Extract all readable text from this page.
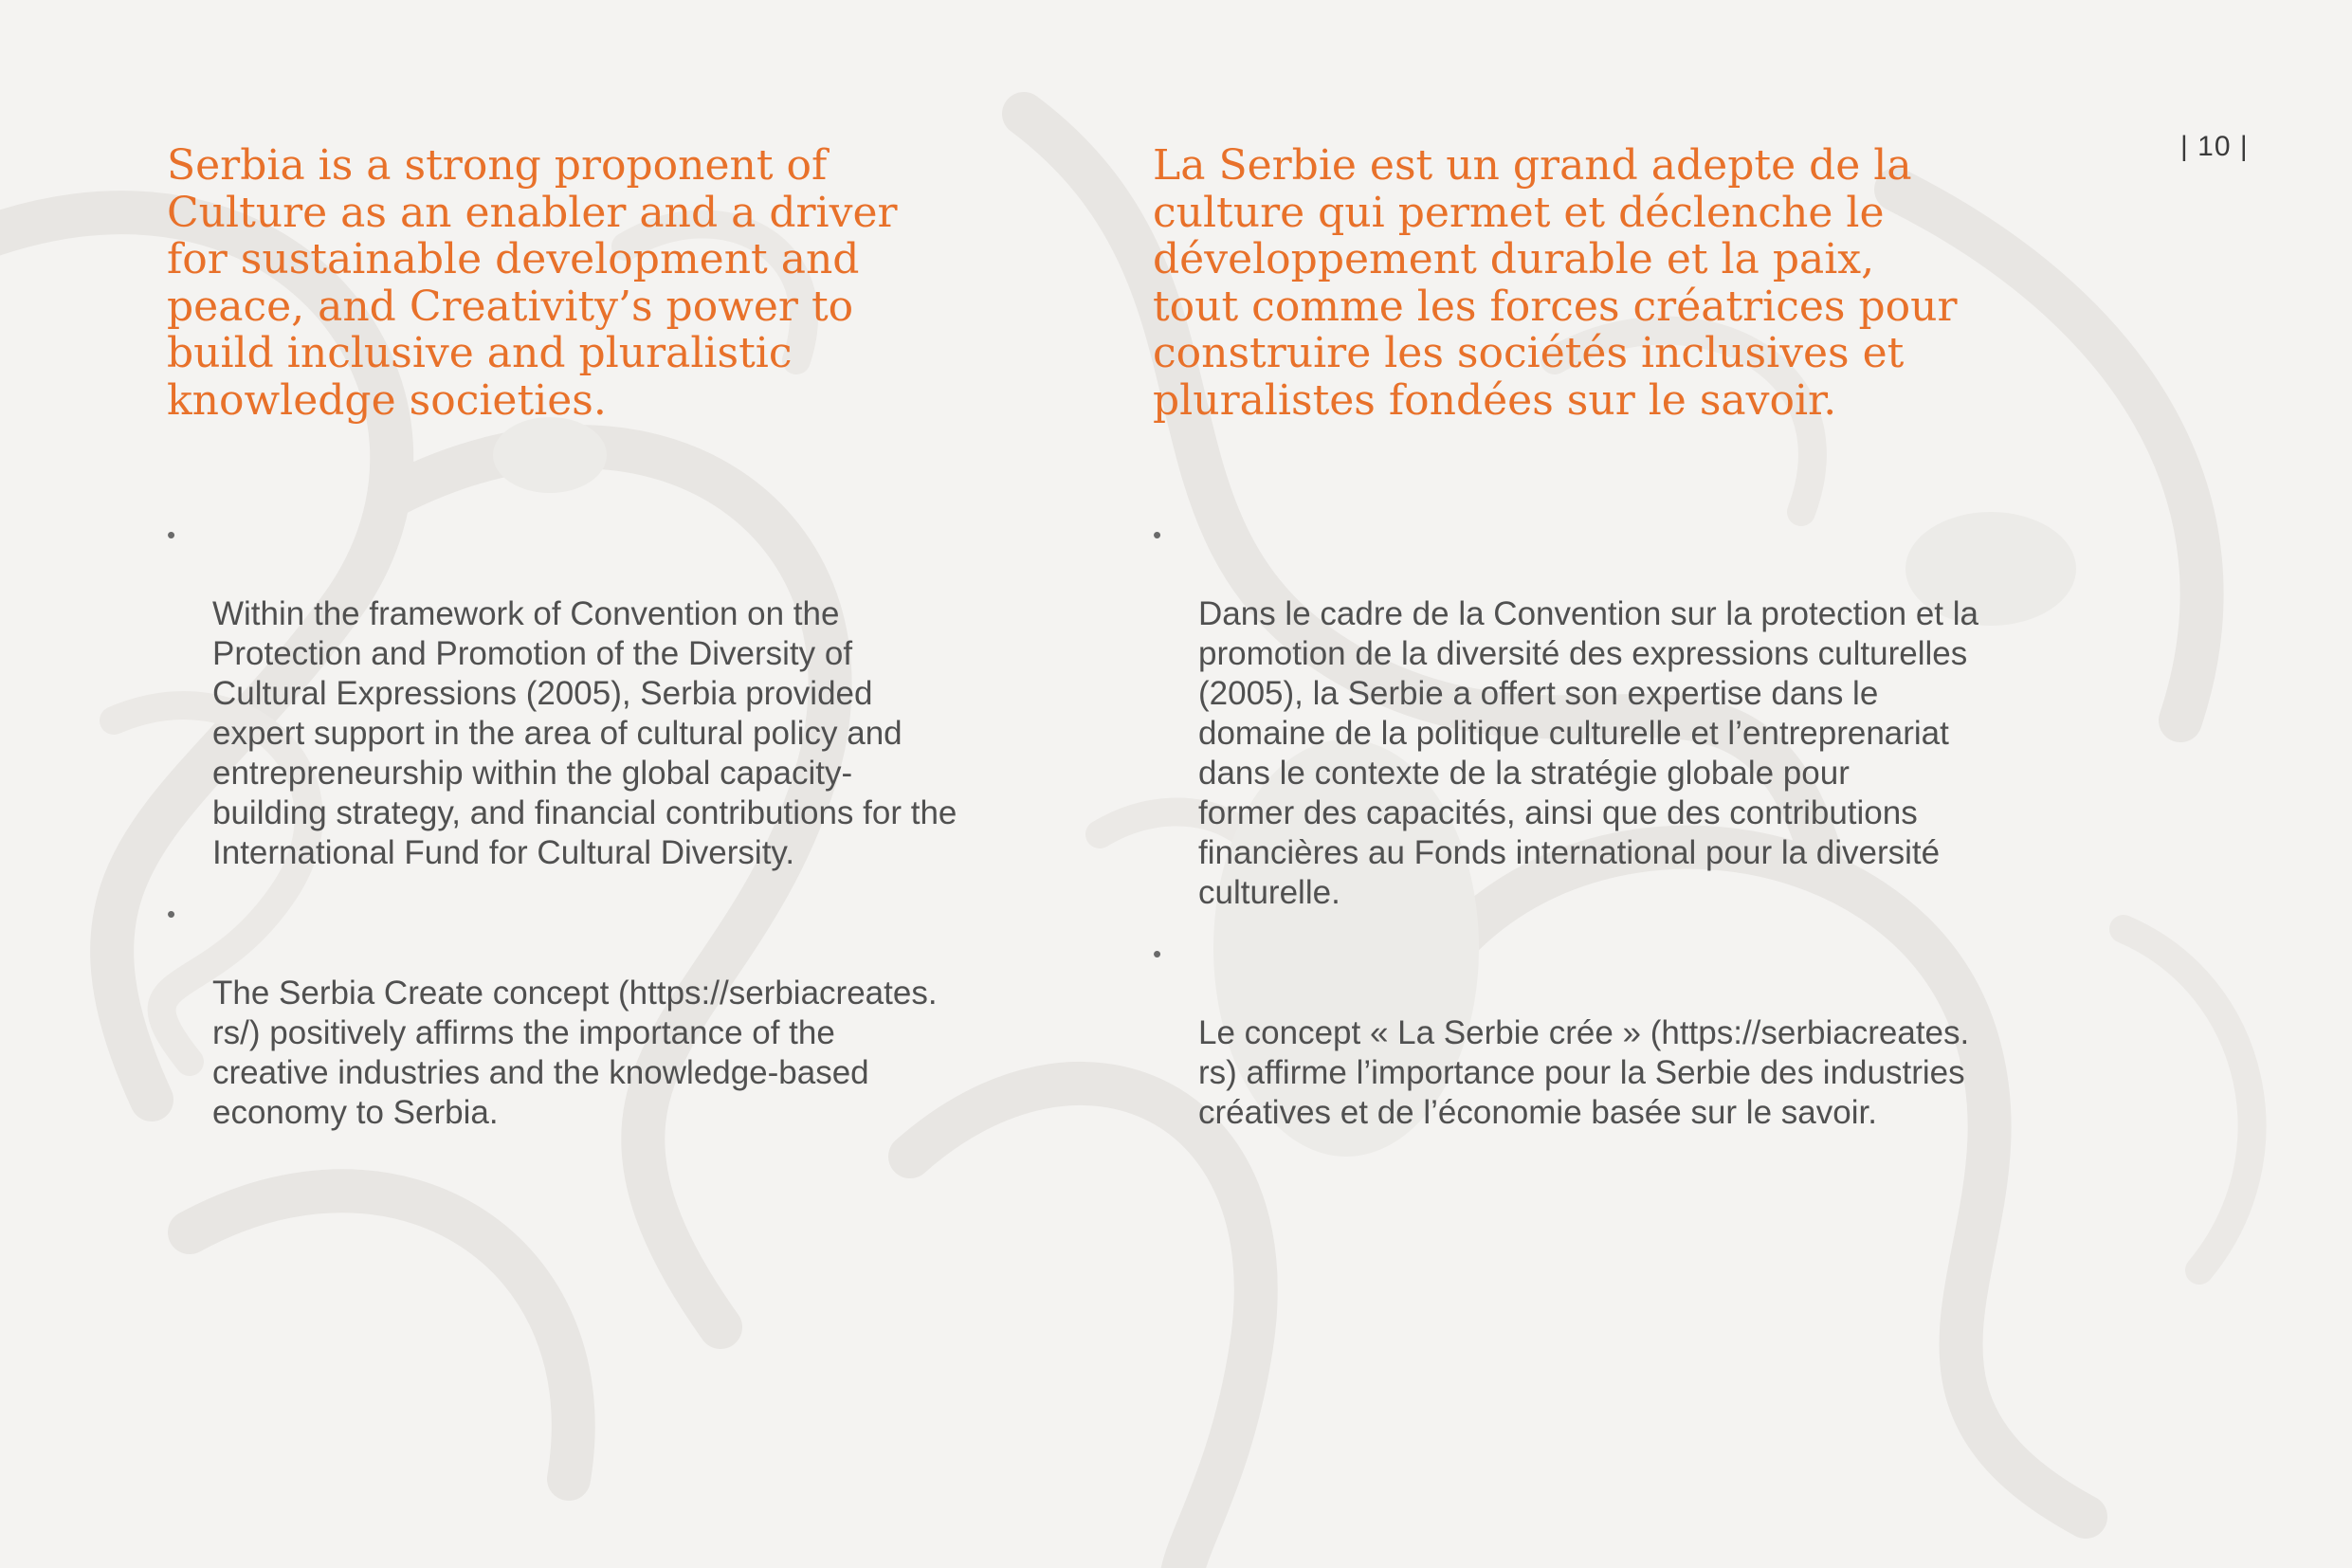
| 10 |
Serbia is a strong proponent of
Culture as an enabler and a driver
for sustainable development and
peace, and Creativity’s power to
build inclusive and pluralistic
knowledge societies.

•

Within the framework of Convention on the
Protection and Promotion of the Diversity of
Cultural Expressions (2005), Serbia provided
expert support in the area of cultural policy and
entrepreneurship within the global capacity-
building strategy, and financial contributions for the
International Fund for Cultural Diversity.

•

The Serbia Create concept (https://serbiacreates.
rs/) positively affirms the importance of the
creative industries and the knowledge-based
economy to Serbia.

La Serbie est un grand adepte de la
culture qui permet et déclenche le
développement durable et la paix,
tout comme les forces créatrices pour
construire les sociétés inclusives et
pluralistes fondées sur le savoir.

•

Dans le cadre de la Convention sur la protection et la
promotion de la diversité des expressions culturelles
(2005), la Serbie a offert son expertise dans le
domaine de la politique culturelle et l’entreprenariat
dans le contexte de la stratégie globale pour
former des capacités, ainsi que des contributions
financières au Fonds international pour la diversité
culturelle.

•

Le concept « La Serbie crée » (https://serbiacreates.
rs) affirme l’importance pour la Serbie des industries
créatives et de l’économie basée sur le savoir.
